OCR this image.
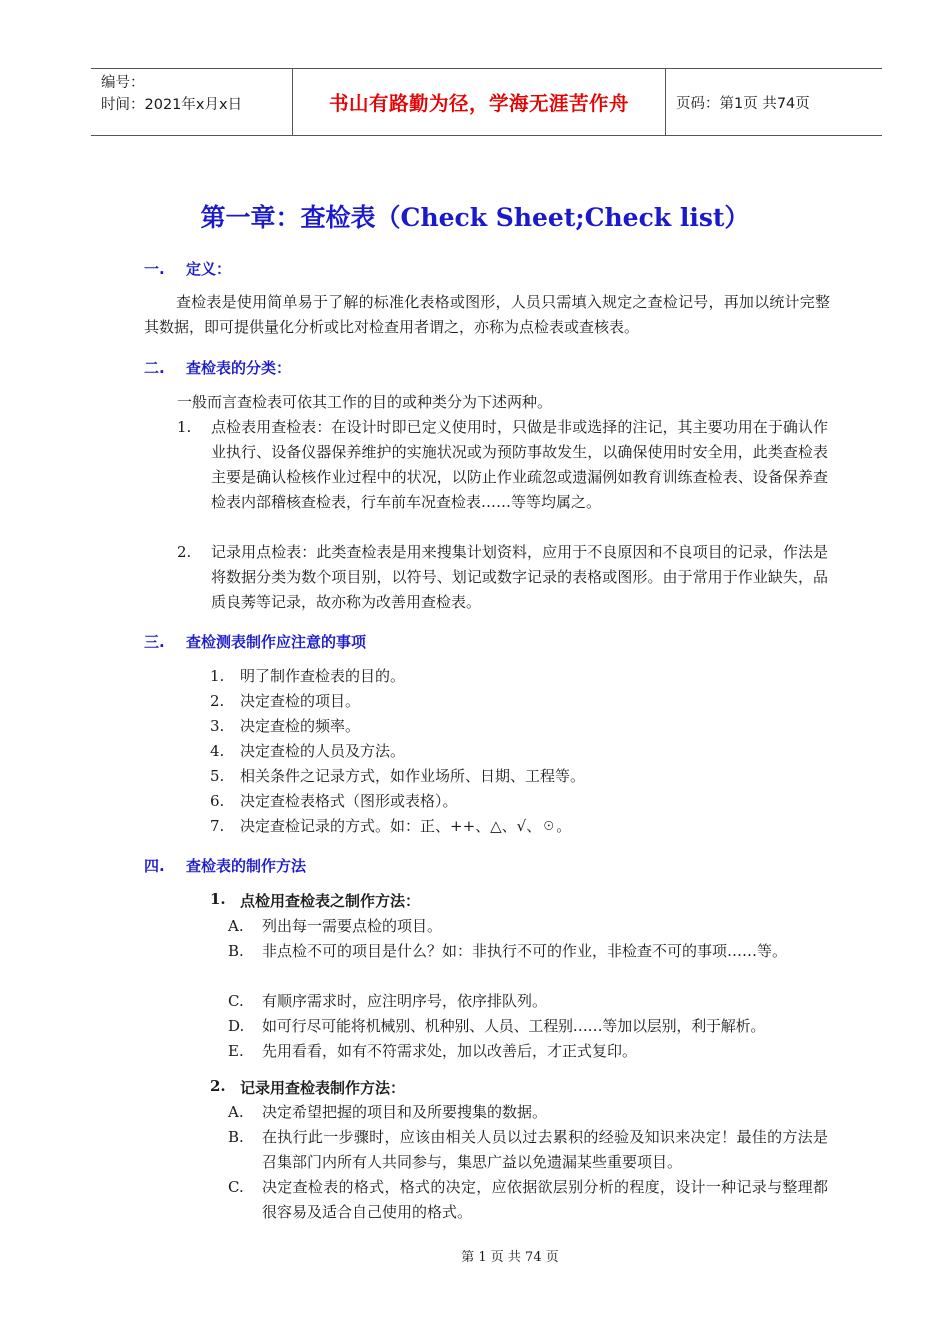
编号：
时间：2021年x月x日	书山有路勤为径，学海无涯苦作舟	页码：第1页 共74页
第一章：查检表（Check Sheet;Check list）
一.	定义：
查检表是使用简单易于了解的标准化表格或图形，人员只需填入规定之查检记号，再加以统计完整其数据，即可提供量化分析或比对检查用者谓之，亦称为点检表或查核表。
二.	查检表的分类：
一般而言查检表可依其工作的目的或种类分为下述两种。
1.	点检表用查检表：在设计时即已定义使用时，只做是非或选择的注记，其主要功用在于确认作业执行、设备仪器保养维护的实施状况或为预防事故发生，以确保使用时安全用，此类查检表主要是确认检核作业过程中的状况，以防止作业疏忽或遗漏例如教育训练查检表、设备保养查检表内部稽核查检表，行车前车况查检表……等等均属之。
2.	记录用点检表：此类查检表是用来搜集计划资料，应用于不良原因和不良项目的记录，作法是将数据分类为数个项目别，以符号、划记或数字记录的表格或图形。由于常用于作业缺失，品质良莠等记录，故亦称为改善用查检表。
三.	查检测表制作应注意的事项
1.	明了制作查检表的目的。
2.	决定查检的项目。
3.	决定查检的频率。
4.	决定查检的人员及方法。
5.	相关条件之记录方式，如作业场所、日期、工程等。
6.	决定查检表格式（图形或表格）。
7.	决定查检记录的方式。如：正、++、△、√、☉。
四.	查检表的制作方法
1. 点检用查检表之制作方法：
A.	列出每一需要点检的项目。
B.	非点检不可的项目是什么？如：非执行不可的作业，非检查不可的事项……等。
C.	有顺序需求时，应注明序号，依序排队列。
D.	如可行尽可能将机械别、机种别、人员、工程别……等加以层别，利于解析。
E.	先用看看，如有不符需求处，加以改善后，才正式复印。
2. 记录用查检表制作方法：
A.	决定希望把握的项目和及所要搜集的数据。
B.	在执行此一步骤时，应该由相关人员以过去累积的经验及知识来决定！最佳的方法是召集部门内所有人共同参与，集思广益以免遗漏某些重要项目。
C.	决定查检表的格式，格式的决定，应依据欲层别分析的程度，设计一种记录与整理都很容易及适合自己使用的格式。
第 1 页 共 74 页
